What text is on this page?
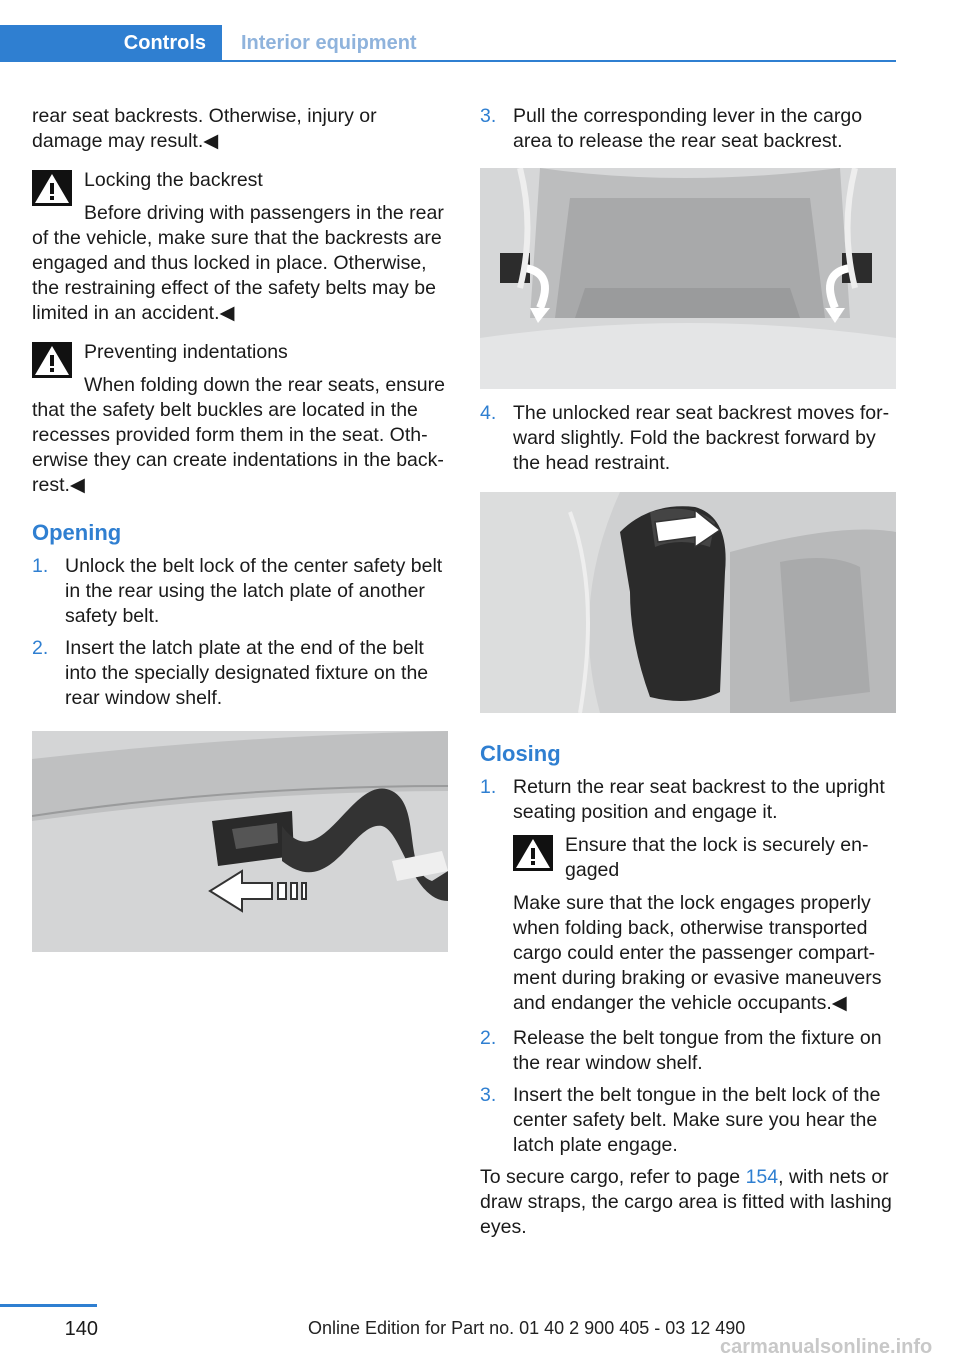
Controls	Interior equipment

rear seat backrests. Otherwise, injury or damage may result.◀

Locking the backrest

Before driving with passengers in the rear of the vehicle, make sure that the backrests are engaged and thus locked in place. Otherwise, the restraining effect of the safety belts may be limited in an accident.◀

Preventing indentations

When folding down the rear seats, ensure that the safety belt buckles are located in the recesses provided form them in the seat. Otherwise they can create indentations in the backrest.◀

Opening
1. Unlock the belt lock of the center safety belt in the rear using the latch plate of another safety belt.
2. Insert the latch plate at the end of the belt into the specially designated fixture on the rear window shelf.
3. Pull the corresponding lever in the cargo area to release the rear seat backrest.
4. The unlocked rear seat backrest moves forward slightly. Fold the backrest forward by the head restraint.
Closing
1. Return the rear seat backrest to the upright seating position and engage it.

Ensure that the lock is securely engaged

Make sure that the lock engages properly when folding back, otherwise transported cargo could enter the passenger compartment during braking or evasive maneuvers and endanger the vehicle occupants.◀

2. Release the belt tongue from the fixture on the rear window shelf.
3. Insert the belt tongue in the belt lock of the center safety belt. Make sure you hear the latch plate engage.

To secure cargo, refer to page 154, with nets or draw straps, the cargo area is fitted with lashing eyes.

140	Online Edition for Part no. 01 40 2 900 405 - 03 12 490
carmanualsonline.info
